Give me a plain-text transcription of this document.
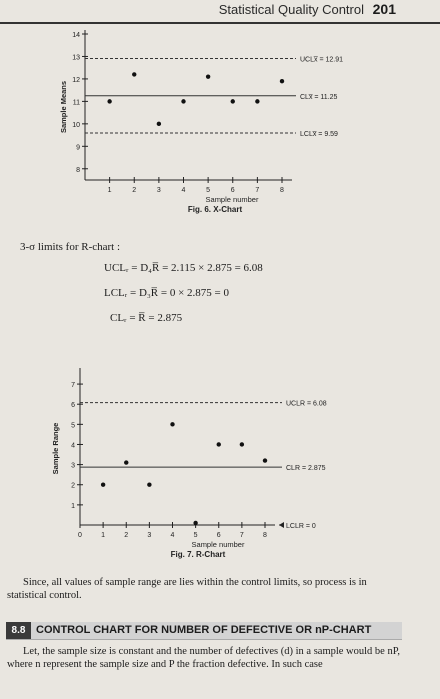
Statistical Quality Control 201
8
9
10
11
12
13
14
1	2	3	4	5	6	7	8
UCLx̅ = 12.91
CLx̅ = 11.25
LCLx̅ = 9.59
Sample Means
Sample number
Fig. 6. X-Chart
3-σ limits for R-chart :
UCLᵣ = D₄R̅ = 2.115 × 2.875 = 6.08
LCLᵣ = D₃R̅ = 0 × 2.875 = 0
CLᵣ = R̅ = 2.875
1
2
3
4
5
6
7
0	1	2	3	4	5	6	7	8
UCLR = 6.08
CLR = 2.875
LCLR = 0
Sample Range
Sample number
Fig. 7. R-Chart
Since, all values of sample range are lies within the control limits, so process is in statistical control.
8.8 CONTROL CHART FOR NUMBER OF DEFECTIVE OR nP-CHART
Let, the sample size is constant and the number of defectives (d) in a sample would be nP, where n represent the sample size and P the fraction defective. In such case
